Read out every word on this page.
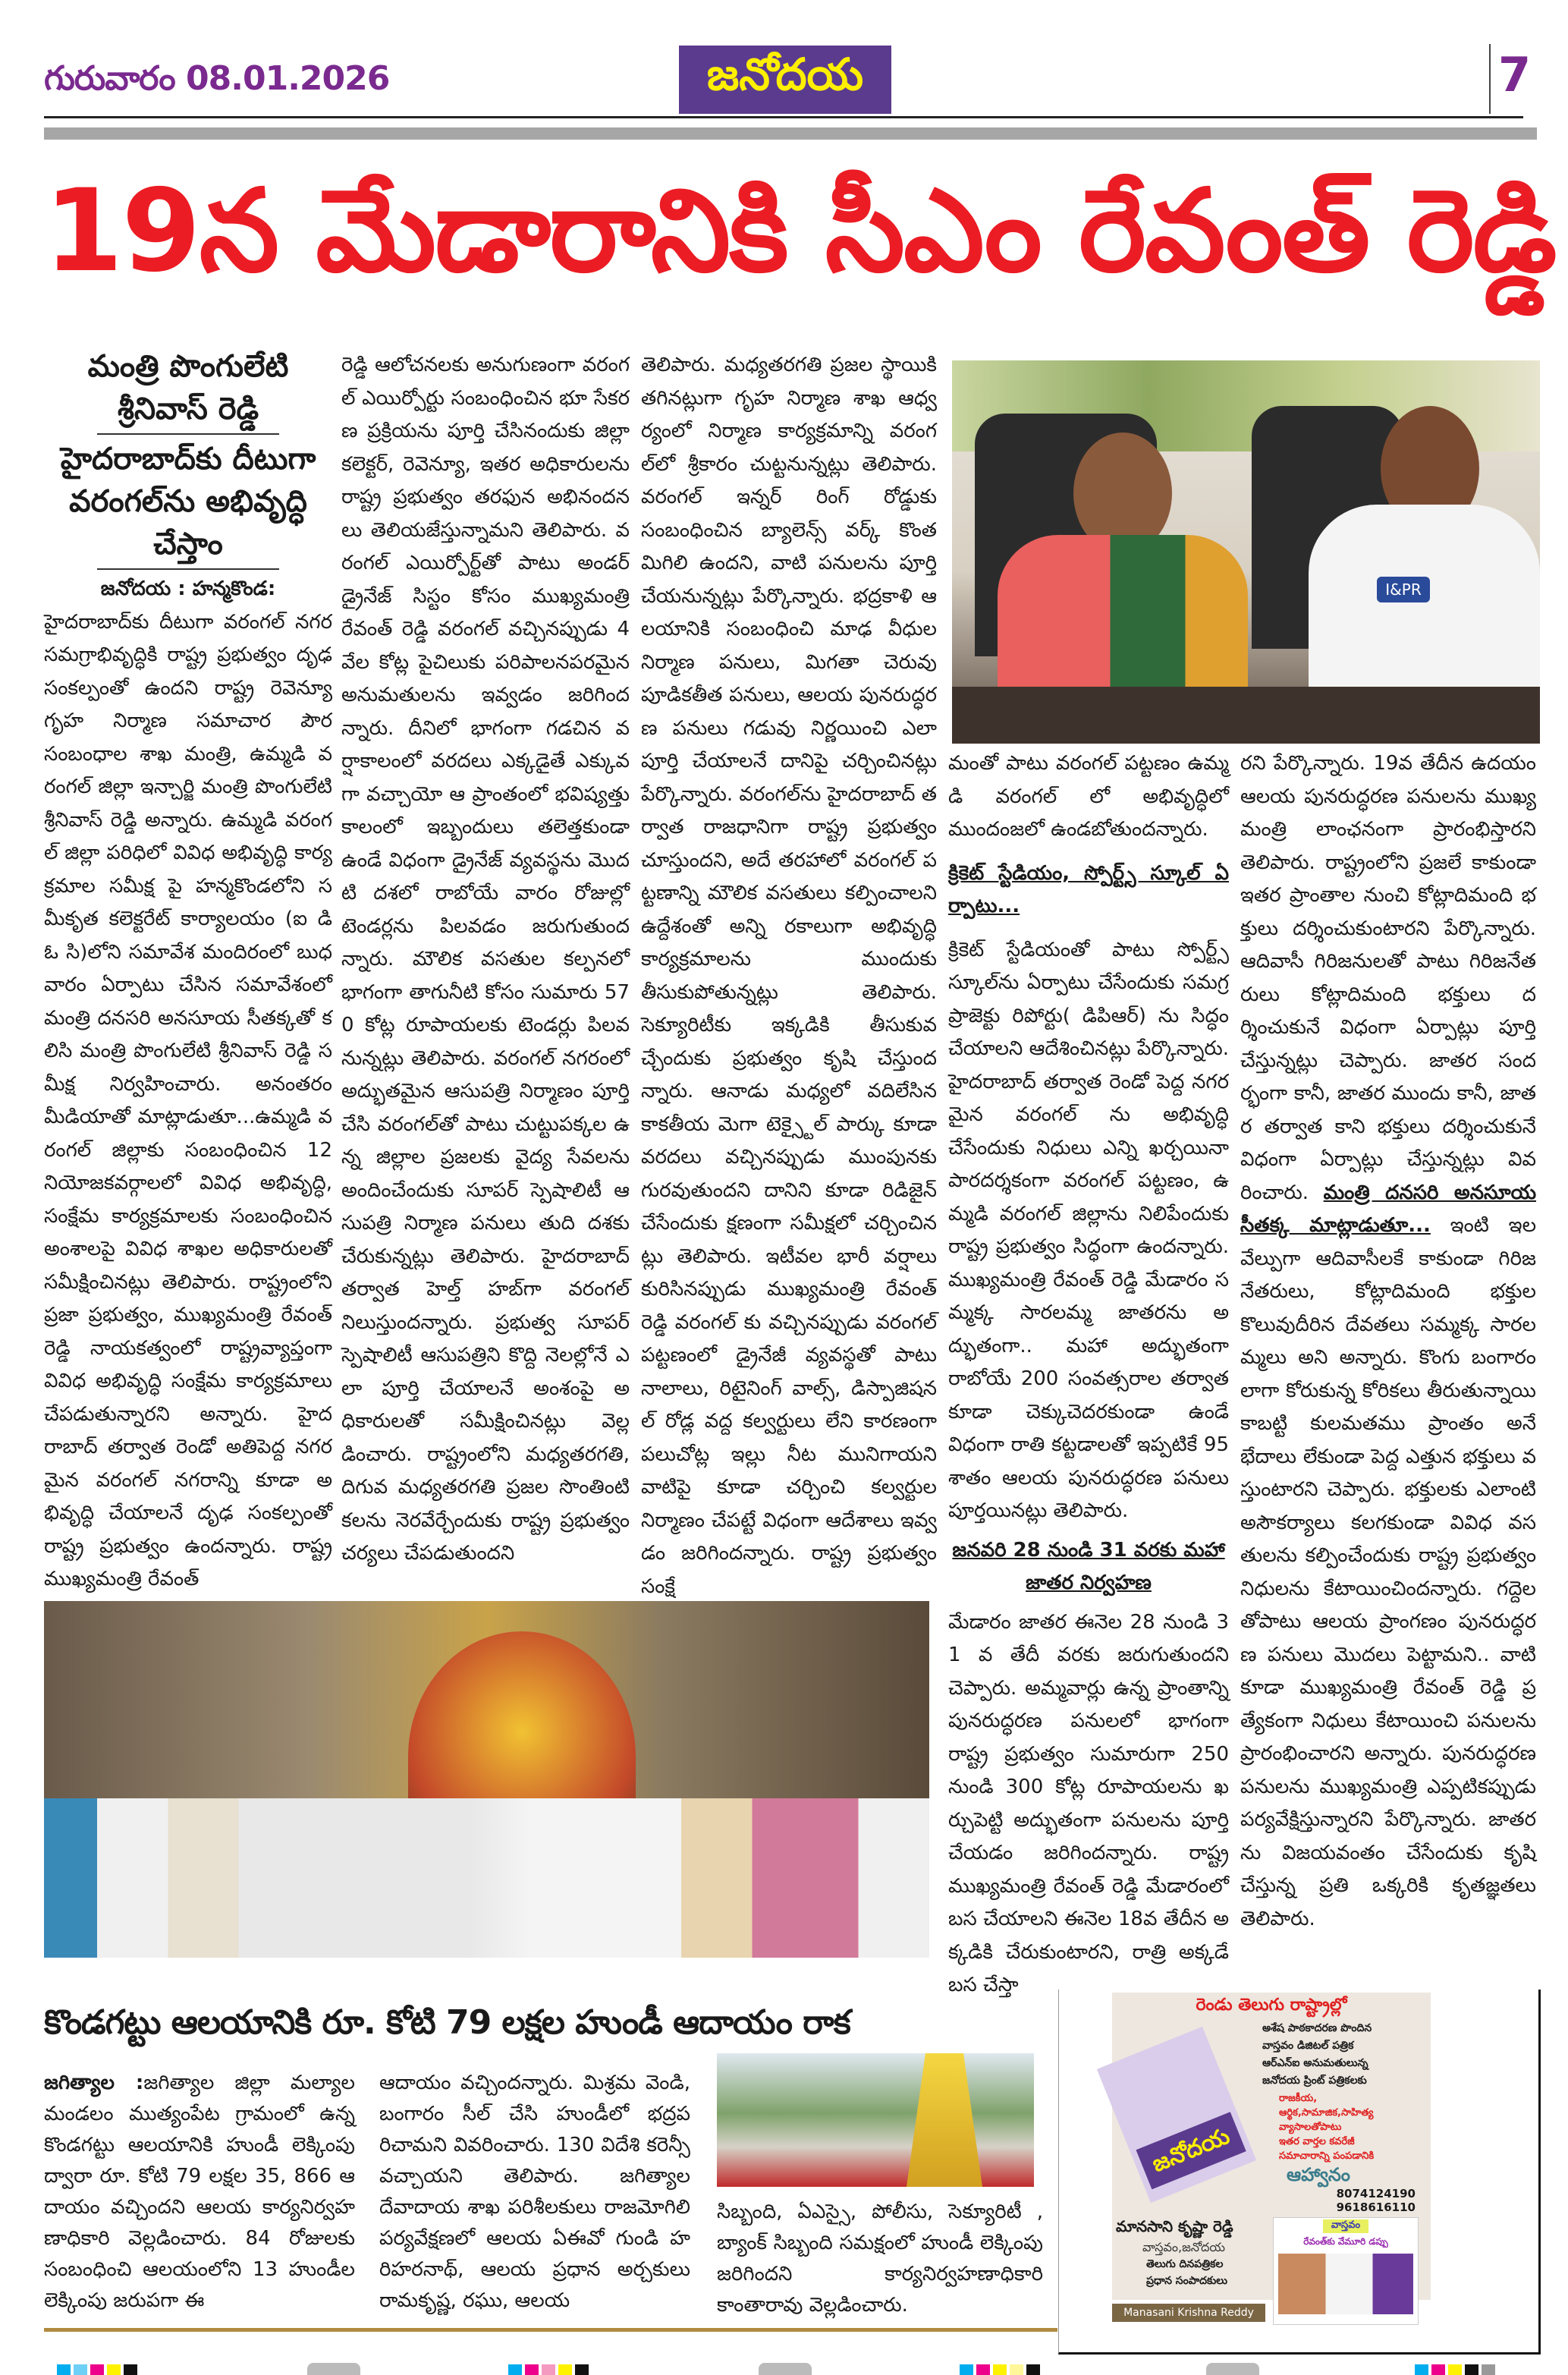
గురువారం 08.01.2026	జనోదయ	7
19న మేడారానికి సీఎం రేవంత్ రెడ్డి
మంత్రి పొంగులేటి శ్రీనివాస్ రెడ్డి
హైదరాబాద్‌కు దీటుగా వరంగల్‌ను అభివృద్ధి చేస్తాం
జనోదయ : హన్మకొండ:
హైదరాబాద్‌కు దీటుగా వరంగల్ నగర సమగ్రాభివృద్ధికి రాష్ట్ర ప్రభుత్వం దృఢ సంకల్పంతో ఉందని రాష్ట్ర రెవెన్యూ గృహ నిర్మాణ సమాచార పౌర సంబంధాల శాఖ మంత్రి, ఉమ్మడి వరంగల్ జిల్లా ఇన్చార్జి మంత్రి పొంగులేటి శ్రీనివాస్ రెడ్డి అన్నారు. ఉమ్మడి వరంగల్ జిల్లా పరిధిలో వివిధ అభివృద్ధి కార్యక్రమాల సమీక్ష పై హన్మకొండలోని సమీకృత కలెక్టరేట్ కార్యాలయం (ఐ డి ఓ సి)లోని సమావేశ మందిరంలో బుధవారం ఏర్పాటు చేసిన సమావేశంలో మంత్రి దనసరి అనసూయ సీతక్కతో కలిసి మంత్రి పొంగులేటి శ్రీనివాస్ రెడ్డి సమీక్ష నిర్వహించారు. అనంతరం మీడియాతో మాట్లాడుతూ...ఉమ్మడి వరంగల్ జిల్లాకు సంబంధించిన 12 నియోజకవర్గాలలో వివిధ అభివృద్ధి, సంక్షేమ కార్యక్రమాలకు సంబంధించిన అంశాలపై వివిధ శాఖల అధికారులతో సమీక్షించినట్లు తెలిపారు. రాష్ట్రంలోని ప్రజా ప్రభుత్వం, ముఖ్యమంత్రి రేవంత్ రెడ్డి నాయకత్వంలో రాష్ట్రవ్యాప్తంగా వివిధ అభివృద్ధి సంక్షేమ కార్యక్రమాలు చేపడుతున్నారని అన్నారు. హైదరాబాద్ తర్వాత రెండో అతిపెద్ద నగరమైన వరంగల్ నగరాన్ని కూడా అభివృద్ధి చేయాలనే దృఢ సంకల్పంతో రాష్ట్ర ప్రభుత్వం ఉందన్నారు. రాష్ట్ర ముఖ్యమంత్రి రేవంత్
రెడ్డి ఆలోచనలకు అనుగుణంగా వరంగల్ ఎయిర్పోర్టు సంబంధించిన భూ సేకరణ ప్రక్రియను పూర్తి చేసినందుకు జిల్లా కలెక్టర్, రెవెన్యూ, ఇతర అధికారులను రాష్ట్ర ప్రభుత్వం తరఫున అభినందనలు తెలియజేస్తున్నామని తెలిపారు. వరంగల్ ఎయిర్పోర్ట్‌తో పాటు అండర్ డ్రైనేజ్ సిస్టం కోసం ముఖ్యమంత్రి రేవంత్ రెడ్డి వరంగల్ వచ్చినప్పుడు 4వేల కోట్ల పైచిలుకు పరిపాలనపరమైన అనుమతులను ఇవ్వడం జరిగిందన్నారు. దీనిలో భాగంగా గడచిన వర్షాకాలంలో వరదలు ఎక్కడైతే ఎక్కువగా వచ్చాయో ఆ ప్రాంతంలో భవిష్యత్తు కాలంలో ఇబ్బందులు తలెత్తకుండా ఉండే విధంగా డ్రైనేజ్ వ్యవస్థను మొదటి దశలో రాబోయే వారం రోజుల్లో టెండర్లను పిలవడం జరుగుతుందన్నారు. మౌలిక వసతుల కల్పనలో భాగంగా తాగునీటి కోసం సుమారు 570 కోట్ల రూపాయలకు టెండర్లు పిలవనున్నట్లు తెలిపారు. వరంగల్ నగరంలో అద్భుతమైన ఆసుపత్రి నిర్మాణం పూర్తి చేసి వరంగల్‌తో పాటు చుట్టుపక్కల ఉన్న జిల్లాల ప్రజలకు వైద్య సేవలను అందించేందుకు సూపర్ స్పెషాలిటీ ఆసుపత్రి నిర్మాణ పనులు తుది దశకు చేరుకున్నట్లు తెలిపారు. హైదరాబాద్ తర్వాత హెల్త్ హబ్‌గా వరంగల్ నిలుస్తుందన్నారు. ప్రభుత్వ సూపర్ స్పెషాలిటీ ఆసుపత్రిని కొద్ది నెలల్లోనే ఎలా పూర్తి చేయాలనే అంశంపై అధికారులతో సమీక్షించినట్లు వెల్లడించారు. రాష్ట్రంలోని మధ్యతరగతి, దిగువ మధ్యతరగతి ప్రజల సొంతింటి కలను నెరవేర్చేందుకు రాష్ట్ర ప్రభుత్వం చర్యలు చేపడుతుందని
తెలిపారు. మధ్యతరగతి ప్రజల స్థాయికి తగినట్లుగా గృహ నిర్మాణ శాఖ ఆధ్వర్యంలో నిర్మాణ కార్యక్రమాన్ని వరంగల్‌లో శ్రీకారం చుట్టనున్నట్లు తెలిపారు. వరంగల్ ఇన్నర్ రింగ్ రోడ్డుకు సంబంధించిన బ్యాలెన్స్ వర్క్ కొంత మిగిలి ఉందని, వాటి పనులను పూర్తి చేయనున్నట్లు పేర్కొన్నారు. భద్రకాళి ఆలయానికి సంబంధించి మాఢ వీధుల నిర్మాణ పనులు, మిగతా చెరువు పూడికతీత పనులు, ఆలయ పునరుద్ధరణ పనులు గడువు నిర్ణయించి ఎలా పూర్తి చేయాలనే దానిపై చర్చించినట్లు పేర్కొన్నారు. వరంగల్‌ను హైదరాబాద్ తర్వాత రాజధానిగా రాష్ట్ర ప్రభుత్వం చూస్తుందని, అదే తరహాలో వరంగల్ పట్టణాన్ని మౌలిక వసతులు కల్పించాలని ఉద్దేశంతో అన్ని రకాలుగా అభివృద్ధి కార్యక్రమాలను ముందుకు తీసుకుపోతున్నట్లు తెలిపారు. సెక్యూరిటీకు ఇక్కడికి తీసుకువచ్చేందుకు ప్రభుత్వం కృషి చేస్తుందన్నారు. ఆనాడు మధ్యలో వదిలేసిన కాకతీయ మెగా టెక్స్టైల్ పార్కు కూడా వరదలు వచ్చినప్పుడు ముంపునకు గురవుతుందని దానిని కూడా రిడిజైన్ చేసేందుకు క్షణంగా సమీక్షలో చర్చించినట్లు తెలిపారు. ఇటీవల భారీ వర్షాలు కురిసినప్పుడు ముఖ్యమంత్రి రేవంత్ రెడ్డి వరంగల్ కు వచ్చినప్పుడు వరంగల్ పట్టణంలో డ్రైనేజీ వ్యవస్థతో పాటు నాలాలు, రిటైనింగ్ వాల్స్, డిస్పాజిషనల్ రోడ్ల వద్ద కల్వర్టులు లేని కారణంగా పలుచోట్ల ఇల్లు నీట మునిగాయని వాటిపై కూడా చర్చించి కల్వర్టుల నిర్మాణం చేపట్టే విధంగా ఆదేశాలు ఇవ్వడం జరిగిందన్నారు. రాష్ట్ర ప్రభుత్వం సంక్షే
I&PR
మంతో పాటు వరంగల్ పట్టణం ఉమ్మడి వరంగల్ లో అభివృద్ధిలో ముందంజలో ఉండబోతుందన్నారు.
క్రికెట్ స్టేడియం, స్పోర్ట్స్ స్కూల్ ఏర్పాటు...
క్రికెట్ స్టేడియంతో పాటు స్పోర్ట్స్ స్కూల్‌ను ఏర్పాటు చేసేందుకు సమగ్ర ప్రాజెక్టు రిపోర్టు( డిపిఆర్) ను సిద్ధం చేయాలని ఆదేశించినట్లు పేర్కొన్నారు. హైదరాబాద్ తర్వాత రెండో పెద్ద నగరమైన వరంగల్ ను అభివృద్ధి చేసేందుకు నిధులు ఎన్ని ఖర్చయినా పారదర్శకంగా వరంగల్ పట్టణం, ఉమ్మడి వరంగల్ జిల్లాను నిలిపేందుకు రాష్ట్ర ప్రభుత్వం సిద్ధంగా ఉందన్నారు. ముఖ్యమంత్రి రేవంత్ రెడ్డి మేడారం సమ్మక్క సారలమ్మ జాతరను అద్భుతంగా.. మహా అద్భుతంగా రాబోయే 200 సంవత్సరాల తర్వాత కూడా చెక్కుచెదరకుండా ఉండే విధంగా రాతి కట్టడాలతో ఇప్పటికే 95 శాతం ఆలయ పునరుద్ధరణ పనులు పూర్తయినట్లు తెలిపారు.
జనవరి 28 నుండి 31 వరకు మహా జాతర నిర్వహణ
మేడారం జాతర ఈనెల 28 నుండి 31 వ తేదీ వరకు జరుగుతుందని చెప్పారు. అమ్మవార్లు ఉన్న ప్రాంతాన్ని పునరుద్ధరణ పనులలో భాగంగా రాష్ట్ర ప్రభుత్వం సుమారుగా 250 నుండి 300 కోట్ల రూపాయలను ఖర్చుపెట్టి అద్భుతంగా పనులను పూర్తి చేయడం జరిగిందన్నారు. రాష్ట్ర ముఖ్యమంత్రి రేవంత్ రెడ్డి మేడారంలో బస చేయాలని ఈనెల 18వ తేదీన అక్కడికి చేరుకుంటారని, రాత్రి అక్కడే బస చేస్తా
రని పేర్కొన్నారు. 19వ తేదీన ఉదయం ఆలయ పునరుద్ధరణ పనులను ముఖ్యమంత్రి లాంఛనంగా ప్రారంభిస్తారని తెలిపారు. రాష్ట్రంలోని ప్రజలే కాకుండా ఇతర ప్రాంతాల నుంచి కోట్లాదిమంది భక్తులు దర్శించుకుంటారని పేర్కొన్నారు. ఆదివాసీ గిరిజనులతో పాటు గిరిజనేతరులు కోట్లాదిమంది భక్తులు దర్శించుకునే విధంగా ఏర్పాట్లు పూర్తి చేస్తున్నట్లు చెప్పారు. జాతర సందర్భంగా కానీ, జాతర ముందు కానీ, జాతర తర్వాత కాని భక్తులు దర్శించుకునే విధంగా ఏర్పాట్లు చేస్తున్నట్లు వివరించారు. మంత్రి దనసరి అనసూయ సీతక్క మాట్లాడుతూ... ఇంటి ఇలవేల్పుగా ఆదివాసీలకే కాకుండా గిరిజనేతరులు, కోట్లాదిమంది భక్తుల కొలువుదీరిన దేవతలు సమ్మక్క సారలమ్మలు అని అన్నారు. కొంగు బంగారం లాగా కోరుకున్న కోరికలు తీరుతున్నాయి కాబట్టి కులమతము ప్రాంతం అనే భేదాలు లేకుండా పెద్ద ఎత్తున భక్తులు వస్తుంటారని చెప్పారు. భక్తులకు ఎలాంటి అసౌకర్యాలు కలగకుండా వివిధ వసతులను కల్పించేందుకు రాష్ట్ర ప్రభుత్వం నిధులను కేటాయించిందన్నారు. గద్దెలతోపాటు ఆలయ ప్రాంగణం పునరుద్ధరణ పనులు మొదలు పెట్టామని.. వాటి కూడా ముఖ్యమంత్రి రేవంత్ రెడ్డి ప్రత్యేకంగా నిధులు కేటాయించి పనులను ప్రారంభించారని అన్నారు. పునరుద్ధరణ పనులను ముఖ్యమంత్రి ఎప్పటికప్పుడు పర్యవేక్షిస్తున్నారని పేర్కొన్నారు. జాతరను విజయవంతం చేసేందుకు కృషి చేస్తున్న ప్రతి ఒక్కరికి కృతజ్ఞతలు తెలిపారు.
కొండగట్టు ఆలయానికి రూ. కోటి 79 లక్షల హుండీ ఆదాయం రాక
జగిత్యాల :జగిత్యాల జిల్లా మల్యాల మండలం ముత్యంపేట గ్రామంలో ఉన్న కొండగట్టు ఆలయానికి హుండీ లెక్కింపు ద్వారా రూ. కోటి 79 లక్షల 35, 866 ఆదాయం వచ్చిందని ఆలయ కార్యనిర్వహణాధికారి వెల్లడించారు. 84 రోజులకు సంబంధించి ఆలయంలోని 13 హుండీల లెక్కింపు జరుపగా ఈ
ఆదాయం వచ్చిందన్నారు. మిశ్రమ వెండి, బంగారం సీల్ చేసి హుండీలో భద్రపరిచామని వివరించారు. 130 విదేశి కరెన్సీ వచ్చాయని తెలిపారు. జగిత్యాల దేవాదాయ శాఖ పరిశీలకులు రాజమోగిలి పర్యవేక్షణలో ఆలయ ఏఈవో గుండి హరిహరనాథ్, ఆలయ ప్రధాన అర్చకులు రామకృష్ణ, రఘు, ఆలయ
సిబ్బంది, ఏఎస్సై, పోలీసు, సెక్యూరిటీ , బ్యాంక్ సిబ్బంది సమక్షంలో హుండీ లెక్కింపు జరిగిందని కార్యనిర్వహణాధికారి కాంతారావు వెల్లడించారు.
జనోదయ
రెండు తెలుగు రాష్ట్రాల్లో
అశేష పాఠకాదరణ పొందిన
వాస్తవం డిజిటల్ పత్రిక
ఆర్ఎన్ఐ అనుమతులున్న
జనోదయ ప్రింట్ పత్రికలకు
రాజకీయ,
ఆర్థిక,సామాజిక,సాహిత్య
వ్యాసాలతోపాటు
ఇతర వార్తల కవరేజీ
సమాచారాన్ని పంపడానికి
ఆహ్వానం
8074124190
9618616110
మానసాని కృష్ణా రెడ్డి
వాస్తవం,జనోదయ
తెలుగు దినపత్రికల
ప్రధాన సంపాదకులు
Manasani Krishna Reddy
వాస్తవం
రేవంత్‌కు వేమూరి డప్పు
